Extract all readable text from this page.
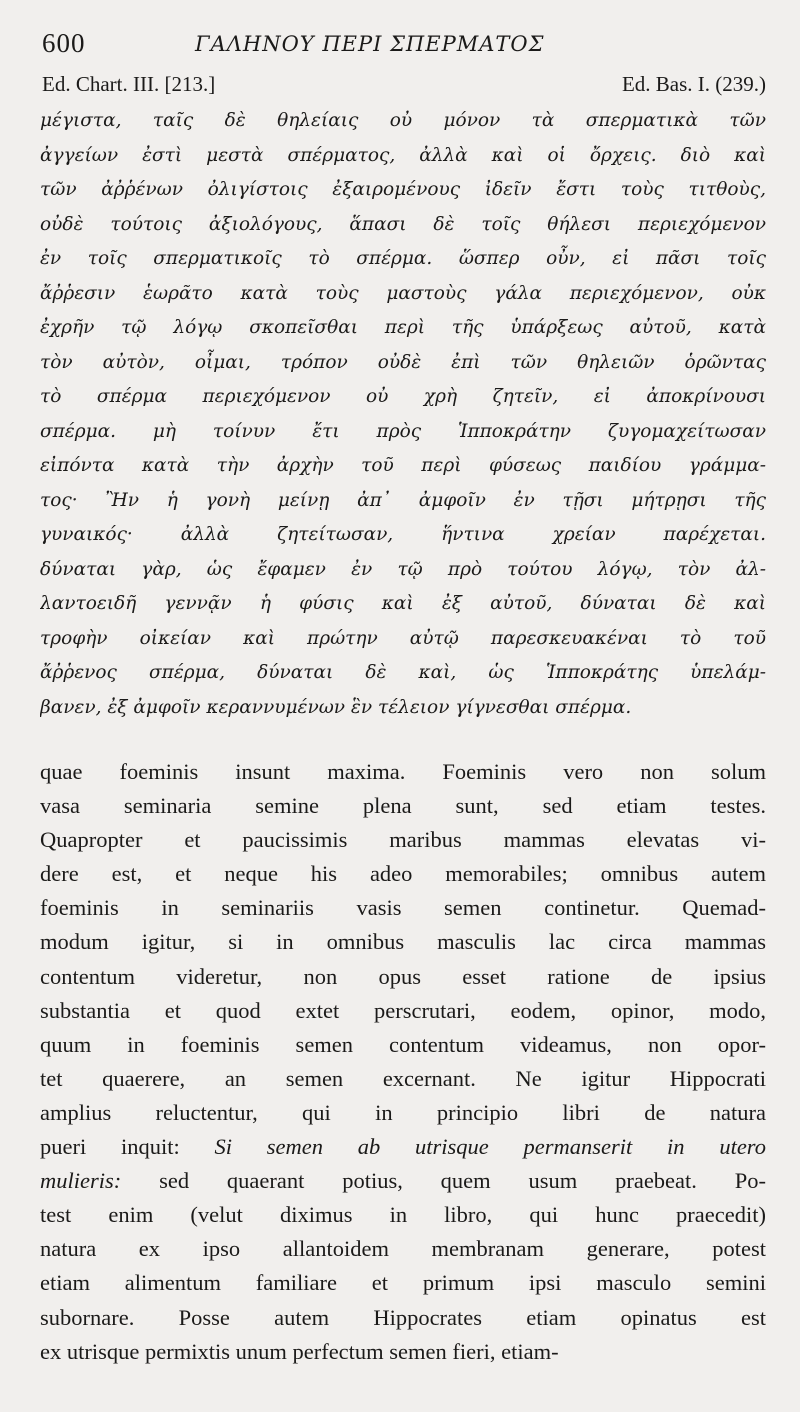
600	ΓΑΛΗΝΟΥ ΠΕΡΙ ΣΠΕΡΜΑΤΟΣ
Ed. Chart. III. [213.]	Ed. Bas. I. (239.)
μέγιστα, ταῖς δὲ θηλείαις οὐ μόνον τὰ σπερματικὰ τῶν
ἀγγείων ἐστὶ μεστὰ σπέρματος, ἀλλὰ καὶ οἱ ὄρχεις. διὸ καὶ
τῶν ἀῤῥένων ὀλιγίστοις ἐξαιρομένους ἰδεῖν ἔστι τοὺς τιτθοὺς,
οὐδὲ τούτοις ἀξιολόγους, ἅπασι δὲ τοῖς θήλεσι περιεχόμενον
ἐν τοῖς σπερματικοῖς τὸ σπέρμα. ὥσπερ οὖν, εἰ πᾶσι τοῖς
ἄῤῥεσιν ἑωρᾶτο κατὰ τοὺς μαστοὺς γάλα περιεχόμενον, οὐκ
ἐχρῆν τῷ λόγῳ σκοπεῖσθαι περὶ τῆς ὑπάρξεως αὐτοῦ, κατὰ
τὸν αὐτὸν, οἶμαι, τρόπον οὐδὲ ἐπὶ τῶν θηλειῶν ὁρῶντας
τὸ σπέρμα περιεχόμενον οὐ χρὴ ζητεῖν, εἰ ἀποκρίνουσι
σπέρμα. μὴ τοίνυν ἔτι πρὸς Ἱπποκράτην ζυγομαχείτωσαν
εἰπόντα κατὰ τὴν ἀρχὴν τοῦ περὶ φύσεως παιδίου γράμμα-
τος· Ἢν ἡ γονὴ μείνῃ ἀπ᾽ ἀμφοῖν ἐν τῇσι μήτρῃσι τῆς
γυναικός· ἀλλὰ ζητείτωσαν, ἥντινα χρείαν παρέχεται.
δύναται γὰρ, ὡς ἔφαμεν ἐν τῷ πρὸ τούτου λόγῳ, τὸν ἀλ-
λαντοειδῆ γεννᾷν ἡ φύσις καὶ ἐξ αὐτοῦ, δύναται δὲ καὶ
τροφὴν οἰκείαν καὶ πρώτην αὐτῷ παρεσκευακέναι τὸ τοῦ
ἄῤῥενος σπέρμα, δύναται δὲ καὶ, ὡς Ἱπποκράτης ὑπελάμ-
βανεν, ἐξ ἀμφοῖν κεραννυμένων ἓν τέλειον γίγνεσθαι σπέρμα.
quae foeminis insunt maxima. Foeminis vero non solum
vasa seminaria semine plena sunt, sed etiam testes.
Quapropter et paucissimis maribus mammas elevatas vi-
dere est, et neque his adeo memorabiles; omnibus autem
foeminis in seminariis vasis semen continetur. Quemad-
modum igitur, si in omnibus masculis lac circa mammas
contentum videretur, non opus esset ratione de ipsius
substantia et quod extet perscrutari, eodem, opinor, modo,
quum in foeminis semen contentum videamus, non opor-
tet quaerere, an semen excernant. Ne igitur Hippocrati
amplius reluctentur, qui in principio libri de natura
pueri inquit: Si semen ab utrisque permanserit in utero
mulieris: sed quaerant potius, quem usum praebeat. Po-
test enim (velut diximus in libro, qui hunc praecedit)
natura ex ipso allantoidem membranam generare, potest
etiam alimentum familiare et primum ipsi masculo semini
subornare. Posse autem Hippocrates etiam opinatus est
ex utrisque permixtis unum perfectum semen fieri, etiam-
